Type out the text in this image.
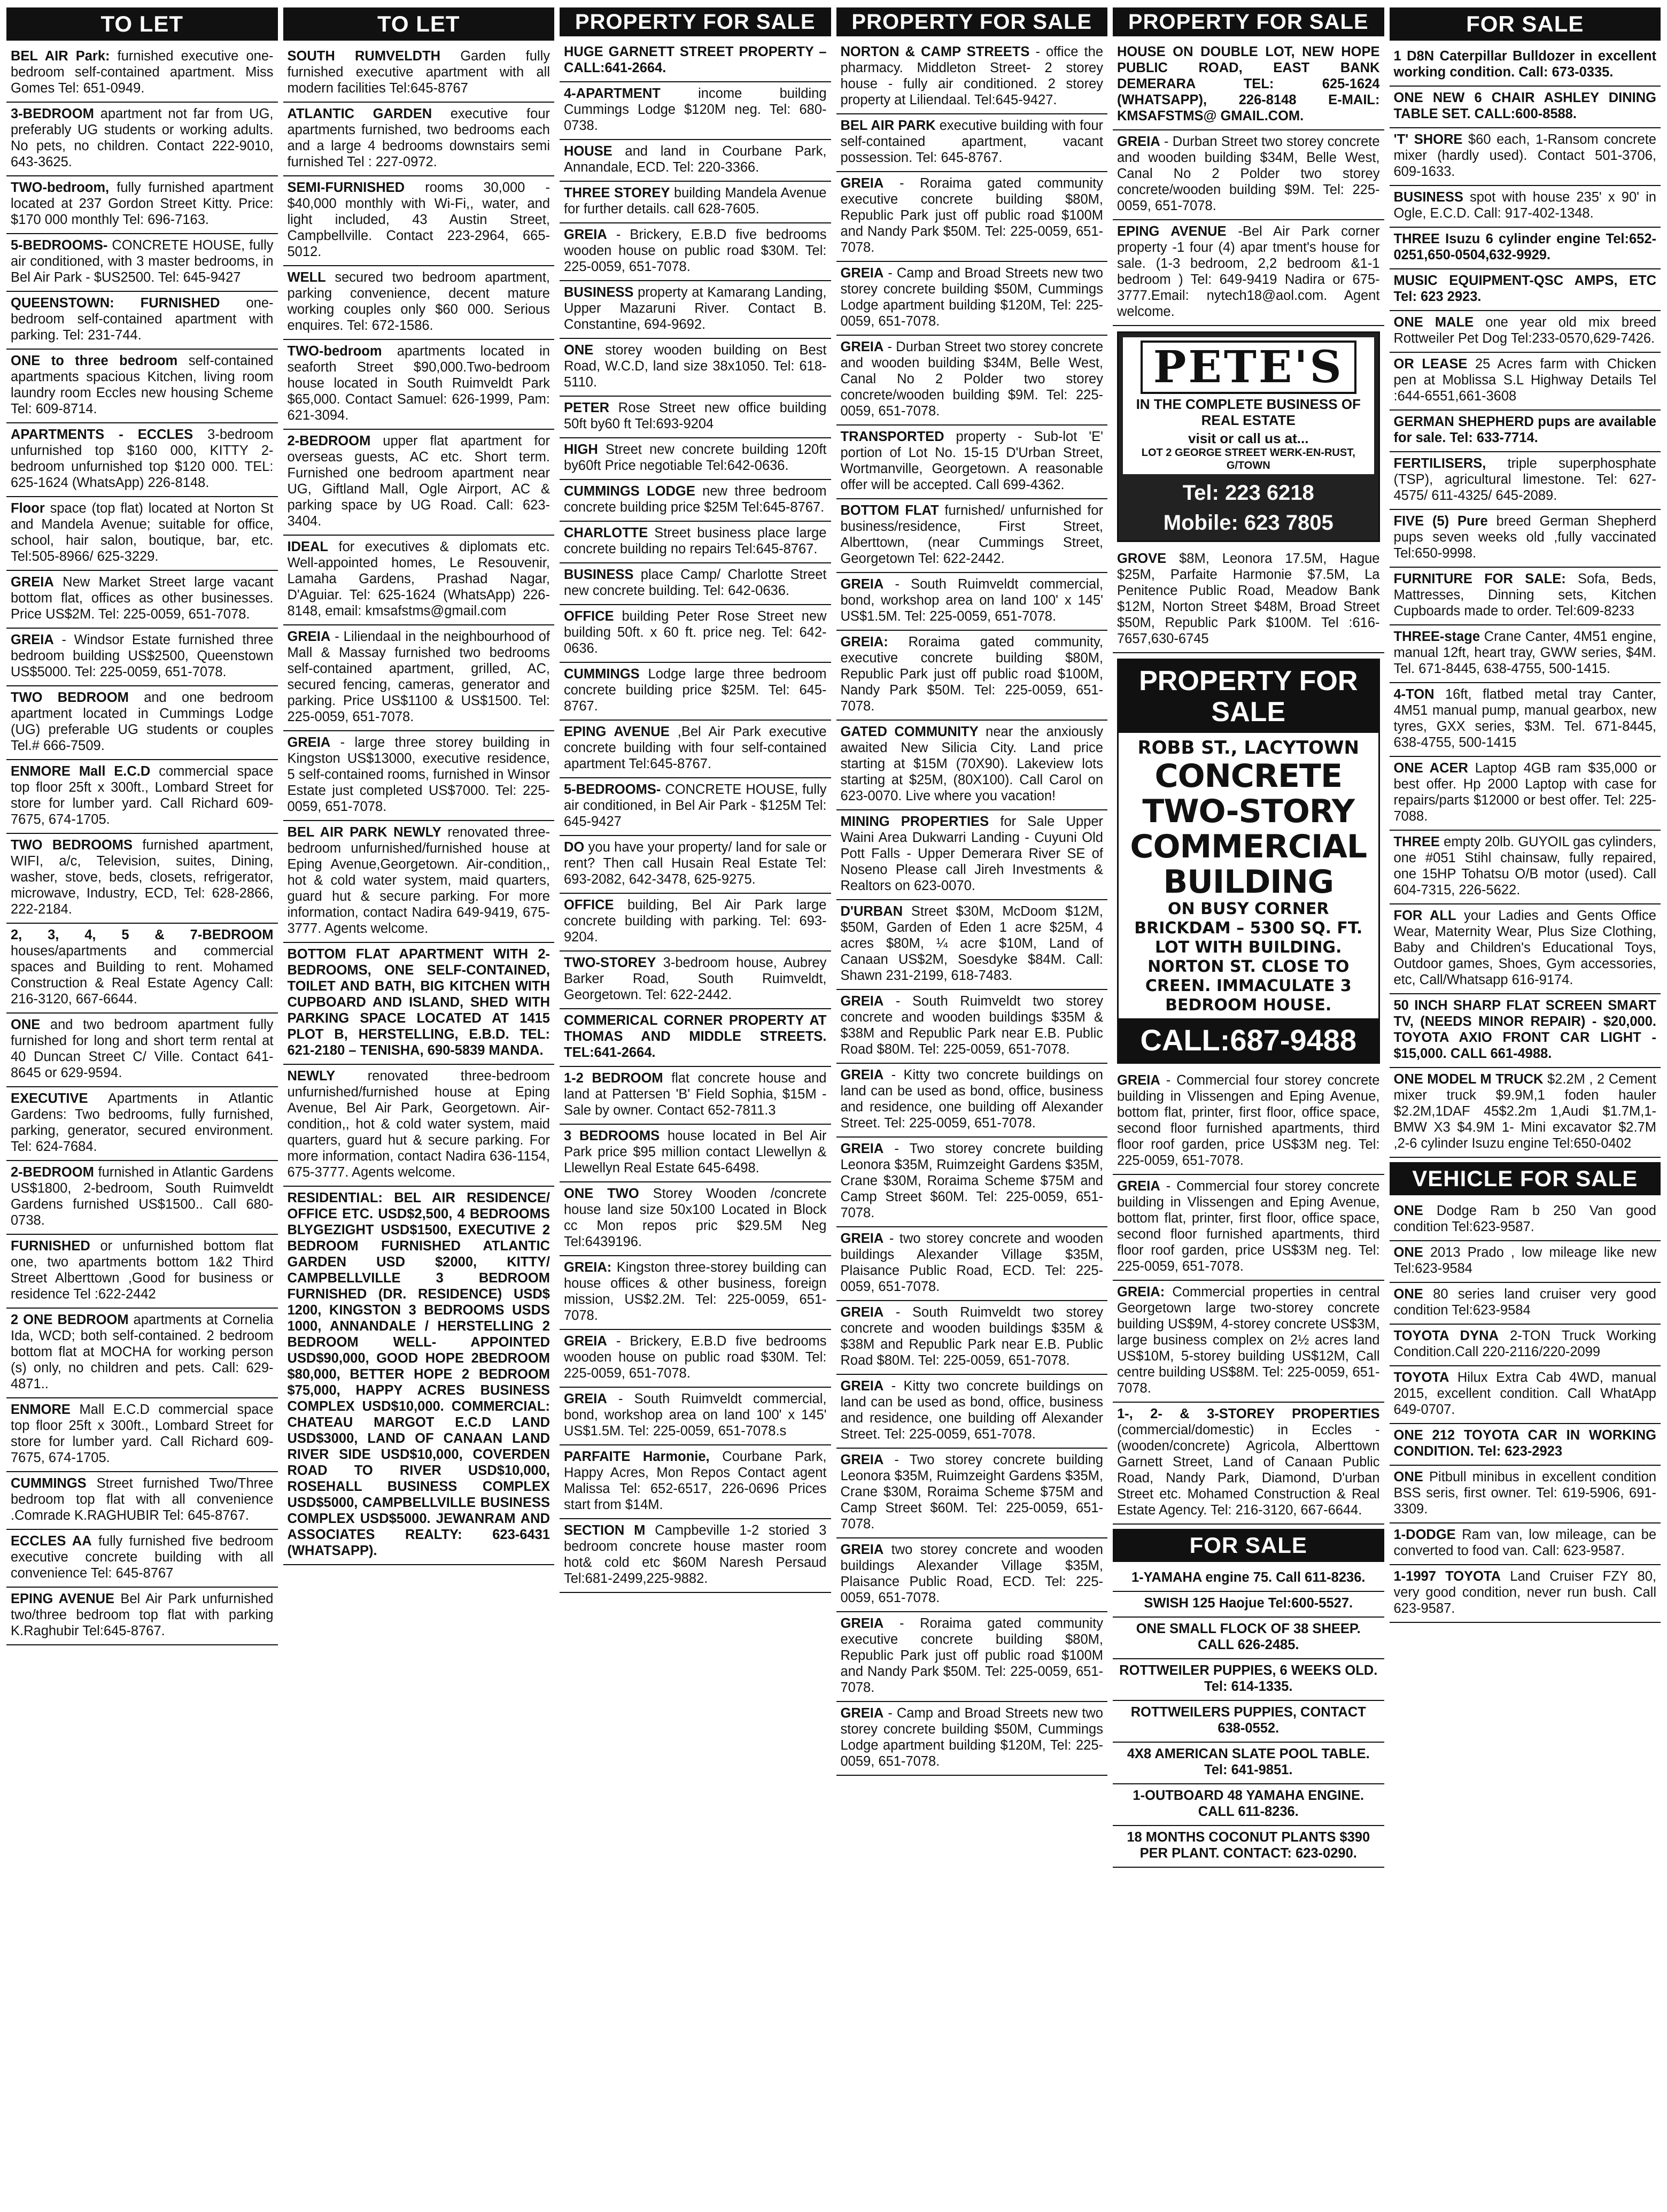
TO LET
BEL AIR Park: furnished executive one-bedroom self-contained apartment. Miss Gomes Tel: 651-0949.
3-BEDROOM apartment not far from UG, preferably UG students or working adults. No pets, no children. Contact 222-9010, 643-3625.
TWO-bedroom, fully furnished apartment located at 237 Gordon Street Kitty. Price: $170 000 monthly Tel: 696-7163.
5-BEDROOMS- CONCRETE HOUSE, fully air conditioned, with 3 master bedrooms, in Bel Air Park - $US2500. Tel: 645-9427
QUEENSTOWN: FURNISHED one-bedroom self-contained apartment with parking. Tel: 231-744.
ONE to three bedroom self-contained apartments spacious Kitchen, living room laundry room Eccles new housing Scheme Tel: 609-8714.
APARTMENTS - ECCLES 3-bedroom unfurnished top $160 000, KITTY 2-bedroom unfurnished top $120 000. TEL: 625-1624 (WhatsApp) 226-8148.
Floor space (top flat) located at Norton St and Mandela Avenue; suitable for office, school, hair salon, boutique, bar, etc. Tel:505-8966/ 625-3229.
GREIA New Market Street large vacant bottom flat, offices as other businesses. Price US$2M. Tel: 225-0059, 651-7078.
GREIA - Windsor Estate furnished three bedroom building US$2500, Queenstown US$5000. Tel: 225-0059, 651-7078.
TWO BEDROOM and one bedroom apartment located in Cummings Lodge (UG) preferable UG students or couples Tel.# 666-7509.
ENMORE Mall E.C.D commercial space top floor 25ft x 300ft., Lombard Street for store for lumber yard. Call Richard 609-7675, 674-1705.
TWO BEDROOMS furnished apartment, WIFI, a/c, Television, suites, Dining, washer, stove, beds, closets, refrigerator, microwave, Industry, ECD, Tel: 628-2866, 222-2184.
2, 3, 4, 5 & 7-BEDROOM houses/apartments and commercial spaces and Building to rent. Mohamed Construction & Real Estate Agency Call: 216-3120, 667-6644.
ONE and two bedroom apartment fully furnished for long and short term rental at 40 Duncan Street C/ Ville. Contact 641-8645 or 629-9594.
EXECUTIVE Apartments in Atlantic Gardens: Two bedrooms, fully furnished, parking, generator, secured environment. Tel: 624-7684.
2-BEDROOM furnished in Atlantic Gardens US$1800, 2-bedroom, South Ruimveldt Gardens furnished US$1500.. Call 680-0738.
FURNISHED or unfurnished bottom flat one, two apartments bottom 1&2 Third Street Alberttown ,Good for business or residence Tel :622-2442
2 ONE BEDROOM apartments at Cornelia Ida, WCD; both self-contained. 2 bedroom bottom flat at MOCHA for working person (s) only, no children and pets. Call: 629-4871..
ENMORE Mall E.C.D commercial space top floor 25ft x 300ft., Lombard Street for store for lumber yard. Call Richard 609-7675, 674-1705.
CUMMINGS Street furnished Two/Three bedroom top flat with all convenience .Comrade K.RAGHUBIR Tel: 645-8767.
ECCLES AA fully furnished five bedroom executive concrete building with all convenience Tel: 645-8767
EPING AVENUE Bel Air Park unfurnished two/three bedroom top flat with parking K.Raghubir Tel:645-8767.
TO LET
SOUTH RUMVELDTH Garden fully furnished executive apartment with all modern facilities Tel:645-8767
ATLANTIC GARDEN executive four apartments furnished, two bedrooms each and a large 4 bedrooms downstairs semi furnished Tel : 227-0972.
SEMI-FURNISHED rooms 30,000 - $40,000 monthly with Wi-Fi,, water, and light included, 43 Austin Street, Campbellville. Contact 223-2964, 665-5012.
WELL secured two bedroom apartment, parking convenience, decent mature working couples only $60 000. Serious enquires. Tel: 672-1586.
TWO-bedroom apartments located in seaforth Street $90,000.Two-bedroom house located in South Ruimveldt Park $65,000. Contact Samuel: 626-1999, Pam: 621-3094.
2-BEDROOM upper flat apartment for overseas guests, AC etc. Short term. Furnished one bedroom apartment near UG, Giftland Mall, Ogle Airport, AC & parking space by UG Road. Call: 623-3404.
IDEAL for executives & diplomats etc. Well-appointed homes, Le Resouvenir, Lamaha Gardens, Prashad Nagar, D'Aguiar. Tel: 625-1624 (WhatsApp) 226-8148, email: kmsafstms@gmail.com
GREIA - Liliendaal in the neighbourhood of Mall & Massay furnished two bedrooms self-contained apartment, grilled, AC, secured fencing, cameras, generator and parking. Price US$1100 & US$1500. Tel: 225-0059, 651-7078.
GREIA - large three storey building in Kingston US$13000, executive residence, 5 self-contained rooms, furnished in Winsor Estate just completed US$7000. Tel: 225-0059, 651-7078.
BEL AIR PARK NEWLY renovated three-bedroom unfurnished/furnished house at Eping Avenue,Georgetown. Air-condition,, hot & cold water system, maid quarters, guard hut & secure parking. For more information, contact Nadira 649-9419, 675-3777. Agents welcome.
BOTTOM FLAT APARTMENT WITH 2-BEDROOMS, ONE SELF-CONTAINED, TOILET AND BATH, BIG KITCHEN WITH CUPBOARD AND ISLAND, SHED WITH PARKING SPACE LOCATED AT 1415 PLOT B, HERSTELLING, E.B.D. TEL: 621-2180 – TENISHA, 690-5839 MANDA.
NEWLY renovated three-bedroom unfurnished/furnished house at Eping Avenue, Bel Air Park, Georgetown. Air-condition,, hot & cold water system, maid quarters, guard hut & secure parking. For more information, contact Nadira 636-1154, 675-3777. Agents welcome.
RESIDENTIAL: BEL AIR RESIDENCE/ OFFICE ETC. USD$2,500, 4 BEDROOMS BLYGEZIGHT USD$1500, EXECUTIVE 2 BEDROOM FURNISHED ATLANTIC GARDEN USD $2000, KITTY/ CAMPBELLVILLE 3 BEDROOM FURNISHED (DR. RESIDENCE) USD$ 1200, KINGSTON 3 BEDROOMS USDS 1000, ANNANDALE / HERSTELLING 2 BEDROOM WELL- APPOINTED USD$90,000, GOOD HOPE 2BEDROOM $80,000, BETTER HOPE 2 BEDROOM $75,000, HAPPY ACRES BUSINESS COMPLEX USD$10,000. COMMERCIAL: CHATEAU MARGOT E.C.D LAND USD$3000, LAND OF CANAAN LAND RIVER SIDE USD$10,000, COVERDEN ROAD TO RIVER USD$10,000, ROSEHALL BUSINESS COMPLEX USD$5000, CAMPBELLVILLE BUSINESS COMPLEX USD$5000. JEWANRAM AND ASSOCIATES REALTY: 623-6431 (WHATSAPP).
PROPERTY FOR SALE
HUGE GARNETT STREET PROPERTY – CALL:641-2664.
4-APARTMENT income building Cummings Lodge $120M neg. Tel: 680-0738.
HOUSE and land in Courbane Park, Annandale, ECD. Tel: 220-3366.
THREE STOREY building Mandela Avenue for further details. call 628-7605.
GREIA - Brickery, E.B.D five bedrooms wooden house on public road $30M. Tel: 225-0059, 651-7078.
BUSINESS property at Kamarang Landing, Upper Mazaruni River. Contact B. Constantine, 694-9692.
ONE storey wooden building on Best Road, W.C.D, land size 38x1050. Tel: 618-5110.
PETER Rose Street new office building 50ft by60 ft Tel:693-9204
HIGH Street new concrete building 120ft by60ft Price negotiable Tel:642-0636.
CUMMINGS LODGE new three bedroom concrete building price $25M Tel:645-8767.
CHARLOTTE Street business place large concrete building no repairs Tel:645-8767.
BUSINESS place Camp/ Charlotte Street new concrete building. Tel: 642-0636.
OFFICE building Peter Rose Street new building 50ft. x 60 ft. price neg. Tel: 642-0636.
CUMMINGS Lodge large three bedroom concrete building price $25M. Tel: 645-8767.
EPING AVENUE ,Bel Air Park executive concrete building with four self-contained apartment Tel:645-8767.
5-BEDROOMS- CONCRETE HOUSE, fully air conditioned, in Bel Air Park - $125M Tel: 645-9427
DO you have your property/ land for sale or rent? Then call Husain Real Estate Tel: 693-2082, 642-3478, 625-9275.
OFFICE building, Bel Air Park large concrete building with parking. Tel: 693-9204.
TWO-STOREY 3-bedroom house, Aubrey Barker Road, South Ruimveldt, Georgetown. Tel: 622-2442.
COMMERICAL CORNER PROPERTY AT THOMAS AND MIDDLE STREETS. TEL:641-2664.
1-2 BEDROOM flat concrete house and land at Pattersen 'B' Field Sophia, $15M - Sale by owner. Contact 652-7811.3
3 BEDROOMS house located in Bel Air Park price $95 million contact Llewellyn & Llewellyn Real Estate 645-6498.
ONE TWO Storey Wooden /concrete house land size 50x100 Located in Block cc Mon repos pric $29.5M Neg Tel:6439196.
GREIA: Kingston three-storey building can house offices & other business, foreign mission, US$2.2M. Tel: 225-0059, 651-7078.
GREIA - Brickery, E.B.D five bedrooms wooden house on public road $30M. Tel: 225-0059, 651-7078.
GREIA - South Ruimveldt commercial, bond, workshop area on land 100' x 145' US$1.5M. Tel: 225-0059, 651-7078.s
PARFAITE Harmonie, Courbane Park, Happy Acres, Mon Repos Contact agent Malissa Tel: 652-6517, 226-0696 Prices start from $14M.
SECTION M Campbeville 1-2 storied 3 bedroom concrete house master room hot& cold etc $60M Naresh Persaud Tel:681-2499,225-9882.
PROPERTY FOR SALE
NORTON & CAMP STREETS - office the pharmacy. Middleton Street- 2 storey house - fully air conditioned. 2 storey property at Liliendaal. Tel:645-9427.
BEL AIR PARK executive building with four self-contained apartment, vacant possession. Tel: 645-8767.
GREIA - Roraima gated community executive concrete building $80M, Republic Park just off public road $100M and Nandy Park $50M. Tel: 225-0059, 651-7078.
GREIA - Camp and Broad Streets new two storey concrete building $50M, Cummings Lodge apartment building $120M, Tel: 225-0059, 651-7078.
GREIA - Durban Street two storey concrete and wooden building $34M, Belle West, Canal No 2 Polder two storey concrete/wooden building $9M. Tel: 225-0059, 651-7078.
TRANSPORTED property - Sub-lot 'E' portion of Lot No. 15-15 D'Urban Street, Wortmanville, Georgetown. A reasonable offer will be accepted. Call 699-4362.
BOTTOM FLAT furnished/ unfurnished for business/residence, First Street, Alberttown, (near Cummings Street, Georgetown Tel: 622-2442.
GREIA - South Ruimveldt commercial, bond, workshop area on land 100' x 145' US$1.5M. Tel: 225-0059, 651-7078.
GREIA: Roraima gated community, executive concrete building $80M, Republic Park just off public road $100M, Nandy Park $50M. Tel: 225-0059, 651-7078.
GATED COMMUNITY near the anxiously awaited New Silicia City. Land price starting at $15M (70X90). Lakeview lots starting at $25M, (80X100). Call Carol on 623-0070. Live where you vacation!
MINING PROPERTIES for Sale Upper Waini Area Dukwarri Landing - Cuyuni Old Pott Falls - Upper Demerara River SE of Noseno Please call Jireh Investments & Realtors on 623-0070.
D'URBAN Street $30M, McDoom $12M, $50M, Garden of Eden 1 acre $25M, 4 acres $80M, ¼ acre $10M, Land of Canaan US$2M, Soesdyke $84M. Call: Shawn 231-2199, 618-7483.
GREIA - South Ruimveldt two storey concrete and wooden buildings $35M & $38M and Republic Park near E.B. Public Road $80M. Tel: 225-0059, 651-7078.
GREIA - Kitty two concrete buildings on land can be used as bond, office, business and residence, one building off Alexander Street. Tel: 225-0059, 651-7078.
GREIA - Two storey concrete building Leonora $35M, Ruimzeight Gardens $35M, Crane $30M, Roraima Scheme $75M and Camp Street $60M. Tel: 225-0059, 651-7078.
GREIA - two storey concrete and wooden buildings Alexander Village $35M, Plaisance Public Road, ECD. Tel: 225-0059, 651-7078.
GREIA - South Ruimveldt two storey concrete and wooden buildings $35M & $38M and Republic Park near E.B. Public Road $80M. Tel: 225-0059, 651-7078.
GREIA - Kitty two concrete buildings on land can be used as bond, office, business and residence, one building off Alexander Street. Tel: 225-0059, 651-7078.
GREIA - Two storey concrete building Leonora $35M, Ruimzeight Gardens $35M, Crane $30M, Roraima Scheme $75M and Camp Street $60M. Tel: 225-0059, 651-7078.
GREIA two storey concrete and wooden buildings Alexander Village $35M, Plaisance Public Road, ECD. Tel: 225-0059, 651-7078.
GREIA - Roraima gated community executive concrete building $80M, Republic Park just off public road $100M and Nandy Park $50M. Tel: 225-0059, 651-7078.
GREIA - Camp and Broad Streets new two storey concrete building $50M, Cummings Lodge apartment building $120M, Tel: 225-0059, 651-7078.
PROPERTY FOR SALE
HOUSE ON DOUBLE LOT, NEW HOPE PUBLIC ROAD, EAST BANK DEMERARA TEL: 625-1624 (WHATSAPP), 226-8148 E-MAIL: KMSAFSTMS@ GMAIL.COM.
GREIA - Durban Street two storey concrete and wooden building $34M, Belle West, Canal No 2 Polder two storey concrete/wooden building $9M. Tel: 225-0059, 651-7078.
EPING AVENUE -Bel Air Park corner property -1 four (4) apar tment's house for sale. (1-3 bedroom, 2,2 bedroom &1-1 bedroom ) Tel: 649-9419 Nadira or 675-3777.Email: nytech18@aol.com. Agent welcome.
PETE'S
IN THE COMPLETE BUSINESS OF REAL ESTATE
visit or call us at...
LOT 2 GEORGE STREET WERK-EN-RUST, G/TOWN
Tel: 223 6218
Mobile: 623 7805
GROVE $8M, Leonora 17.5M, Hague $25M, Parfaite Harmonie $7.5M, La Penitence Public Road, Meadow Bank $12M, Norton Street $48M, Broad Street $50M, Republic Park $100M. Tel :616-7657,630-6745
PROPERTY FOR SALE
ROBB ST., LACYTOWN
CONCRETE TWO-STORY COMMERCIAL BUILDING
ON BUSY CORNER BRICKDAM – 5300 SQ. FT. LOT WITH BUILDING. NORTON ST. CLOSE TO CREEN. IMMACULATE 3 BEDROOM HOUSE.
CALL:687-9488
GREIA - Commercial four storey concrete building in Vlissengen and Eping Avenue, bottom flat, printer, first floor, office space, second floor furnished apartments, third floor roof garden, price US$3M neg. Tel: 225-0059, 651-7078.
GREIA - Commercial four storey concrete building in Vlissengen and Eping Avenue, bottom flat, printer, first floor, office space, second floor furnished apartments, third floor roof garden, price US$3M neg. Tel: 225-0059, 651-7078.
GREIA: Commercial properties in central Georgetown large two-storey concrete building US$9M, 4-storey concrete US$3M, large business complex on 2½ acres land US$10M, 5-storey building US$12M, Call centre building US$8M. Tel: 225-0059, 651-7078.
1-, 2- & 3-STOREY PROPERTIES (commercial/domestic) in Eccles - (wooden/concrete) Agricola, Alberttown Garnett Street, Land of Canaan Public Road, Nandy Park, Diamond, D'urban Street etc. Mohamed Construction & Real Estate Agency. Tel: 216-3120, 667-6644.
FOR SALE
1-YAMAHA engine 75. Call 611-8236.
SWISH 125 Haojue Tel:600-5527.
ONE SMALL FLOCK OF 38 SHEEP. CALL 626-2485.
ROTTWEILER PUPPIES, 6 WEEKS OLD. Tel: 614-1335.
ROTTWEILERS PUPPIES, CONTACT 638-0552.
4X8 AMERICAN SLATE POOL TABLE. Tel: 641-9851.
1-OUTBOARD 48 YAMAHA ENGINE. CALL 611-8236.
18 MONTHS COCONUT PLANTS $390 PER PLANT. CONTACT: 623-0290.
FOR SALE
1 D8N Caterpillar Bulldozer in excellent working condition. Call: 673-0335.
ONE NEW 6 CHAIR ASHLEY DINING TABLE SET. CALL:600-8588.
'T' SHORE $60 each, 1-Ransom concrete mixer (hardly used). Contact 501-3706, 609-1633.
BUSINESS spot with house 235' x 90' in Ogle, E.C.D. Call: 917-402-1348.
THREE Isuzu 6 cylinder engine Tel:652-0251,650-0504,632-9929.
MUSIC EQUIPMENT-QSC AMPS, ETC Tel: 623 2923.
ONE MALE one year old mix breed Rottweiler Pet Dog Tel:233-0570,629-7426.
OR LEASE 25 Acres farm with Chicken pen at Moblissa S.L Highway Details Tel :644-6551,661-3608
GERMAN SHEPHERD pups are available for sale. Tel: 633-7714.
FERTILISERS, triple superphosphate (TSP), agricultural limestone. Tel: 627-4575/ 611-4325/ 645-2089.
FIVE (5) Pure breed German Shepherd pups seven weeks old ,fully vaccinated Tel:650-9998.
FURNITURE FOR SALE: Sofa, Beds, Mattresses, Dinning sets, Kitchen Cupboards made to order. Tel:609-8233
THREE-stage Crane Canter, 4M51 engine, manual 12ft, heart tray, GWW series, $4M. Tel. 671-8445, 638-4755, 500-1415.
4-TON 16ft, flatbed metal tray Canter, 4M51 manual pump, manual gearbox, new tyres, GXX series, $3M. Tel. 671-8445, 638-4755, 500-1415
ONE ACER Laptop 4GB ram $35,000 or best offer. Hp 2000 Laptop with case for repairs/parts $12000 or best offer. Tel: 225-7088.
THREE empty 20lb. GUYOIL gas cylinders, one #051 Stihl chainsaw, fully repaired, one 15HP Tohatsu O/B motor (used). Call 604-7315, 226-5622.
FOR ALL your Ladies and Gents Office Wear, Maternity Wear, Plus Size Clothing, Baby and Children's Educational Toys, Outdoor games, Shoes, Gym accessories, etc, Call/Whatsapp 616-9174.
50 INCH SHARP FLAT SCREEN SMART TV, (NEEDS MINOR REPAIR) - $20,000. TOYOTA AXIO FRONT CAR LIGHT - $15,000. CALL 661-4988.
ONE MODEL M TRUCK $2.2M , 2 Cement mixer truck $9.9M,1 foden hauler $2.2M,1DAF 45$2.2m 1,Audi $1.7M,1-BMW X3 $4.9M 1- Mini excavator $2.7M ,2-6 cylinder Isuzu engine Tel:650-0402
VEHICLE FOR SALE
ONE Dodge Ram b 250 Van good condition Tel:623-9587.
ONE 2013 Prado , low mileage like new Tel:623-9584
ONE 80 series land cruiser very good condition Tel:623-9584
TOYOTA DYNA 2-TON Truck Working Condition.Call 220-2116/220-2099
TOYOTA Hilux Extra Cab 4WD, manual 2015, excellent condition. Call WhatApp 649-0707.
ONE 212 TOYOTA CAR IN WORKING CONDITION. Tel: 623-2923
ONE Pitbull minibus in excellent condition BSS seris, first owner. Tel: 619-5906, 691-3309.
1-DODGE Ram van, low mileage, can be converted to food van. Call: 623-9587.
1-1997 TOYOTA Land Cruiser FZY 80, very good condition, never run bush. Call 623-9587.
